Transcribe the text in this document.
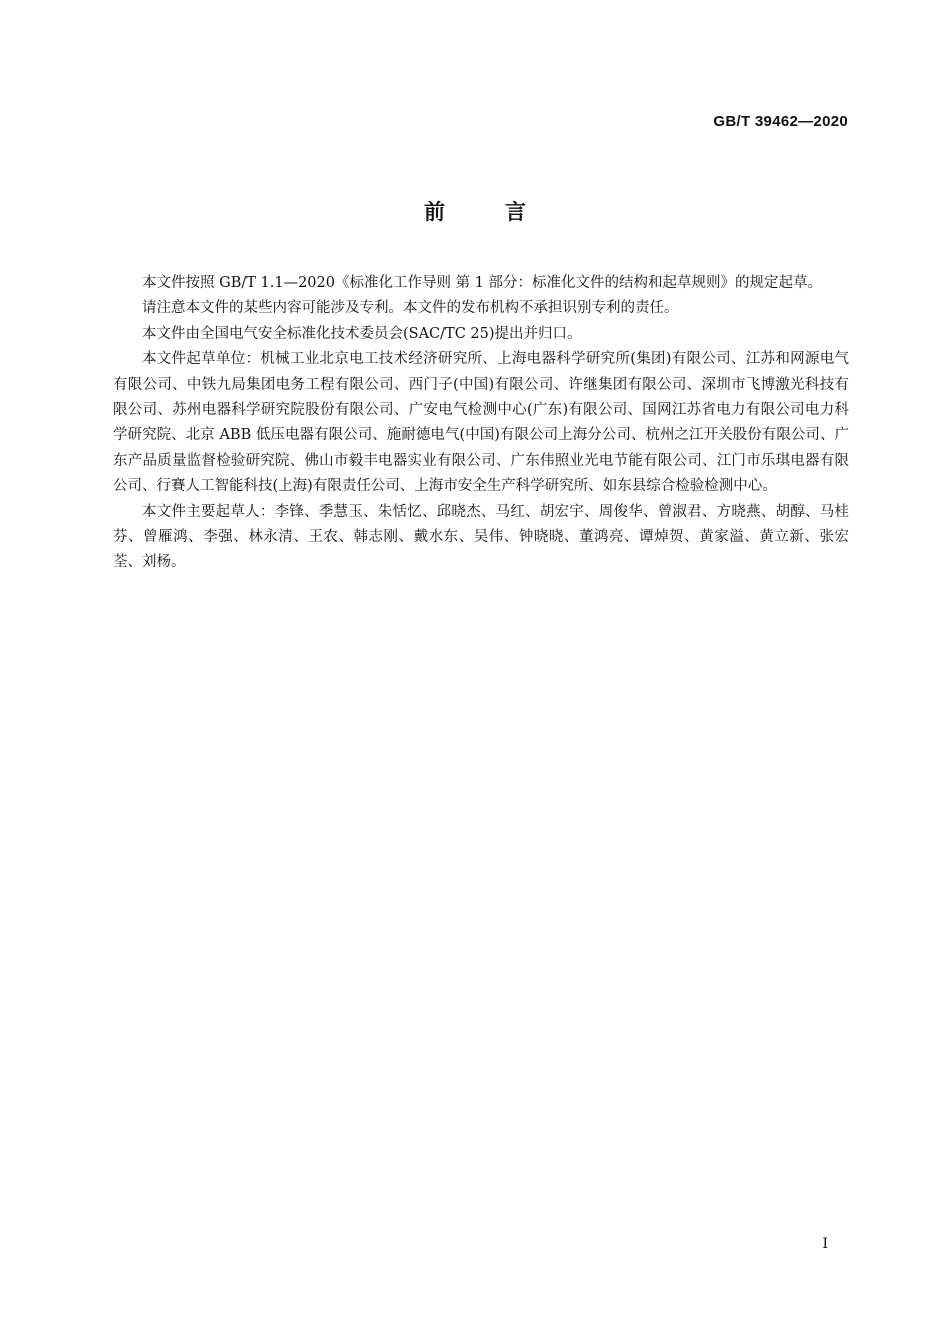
GB/T 39462—2020
前言

本文件按照 GB/T 1.1—2020《标准化工作导则 第 1 部分：标准化文件的结构和起草规则》的规定起草。

请注意本文件的某些内容可能涉及专利。本文件的发布机构不承担识别专利的责任。

本文件由全国电气安全标准化技术委员会(SAC/TC 25)提出并归口。

本文件起草单位：机械工业北京电工技术经济研究所、上海电器科学研究所(集团)有限公司、江苏和网源电气有限公司、中铁九局集团电务工程有限公司、西门子(中国)有限公司、许继集团有限公司、深圳市飞博激光科技有限公司、苏州电器科学研究院股份有限公司、广安电气检测中心(广东)有限公司、国网江苏省电力有限公司电力科学研究院、北京 ABB 低压电器有限公司、施耐德电气(中国)有限公司上海分公司、杭州之江开关股份有限公司、广东产品质量监督检验研究院、佛山市毅丰电器实业有限公司、广东伟照业光电节能有限公司、江门市乐琪电器有限公司、行賽人工智能科技(上海)有限责任公司、上海市安全生产科学研究所、如东县综合检验检测中心。

本文件主要起草人：李锋、季慧玉、朱恬忆、邱晓杰、马红、胡宏宇、周俊华、曾淑君、方晓燕、胡醇、马桂芬、曾雁鸿、李强、林永清、王农、韩志刚、戴水东、吴伟、钟晓晓、董鸿亮、谭焯贺、黄家溢、黄立新、张宏荃、刘杨。

I
